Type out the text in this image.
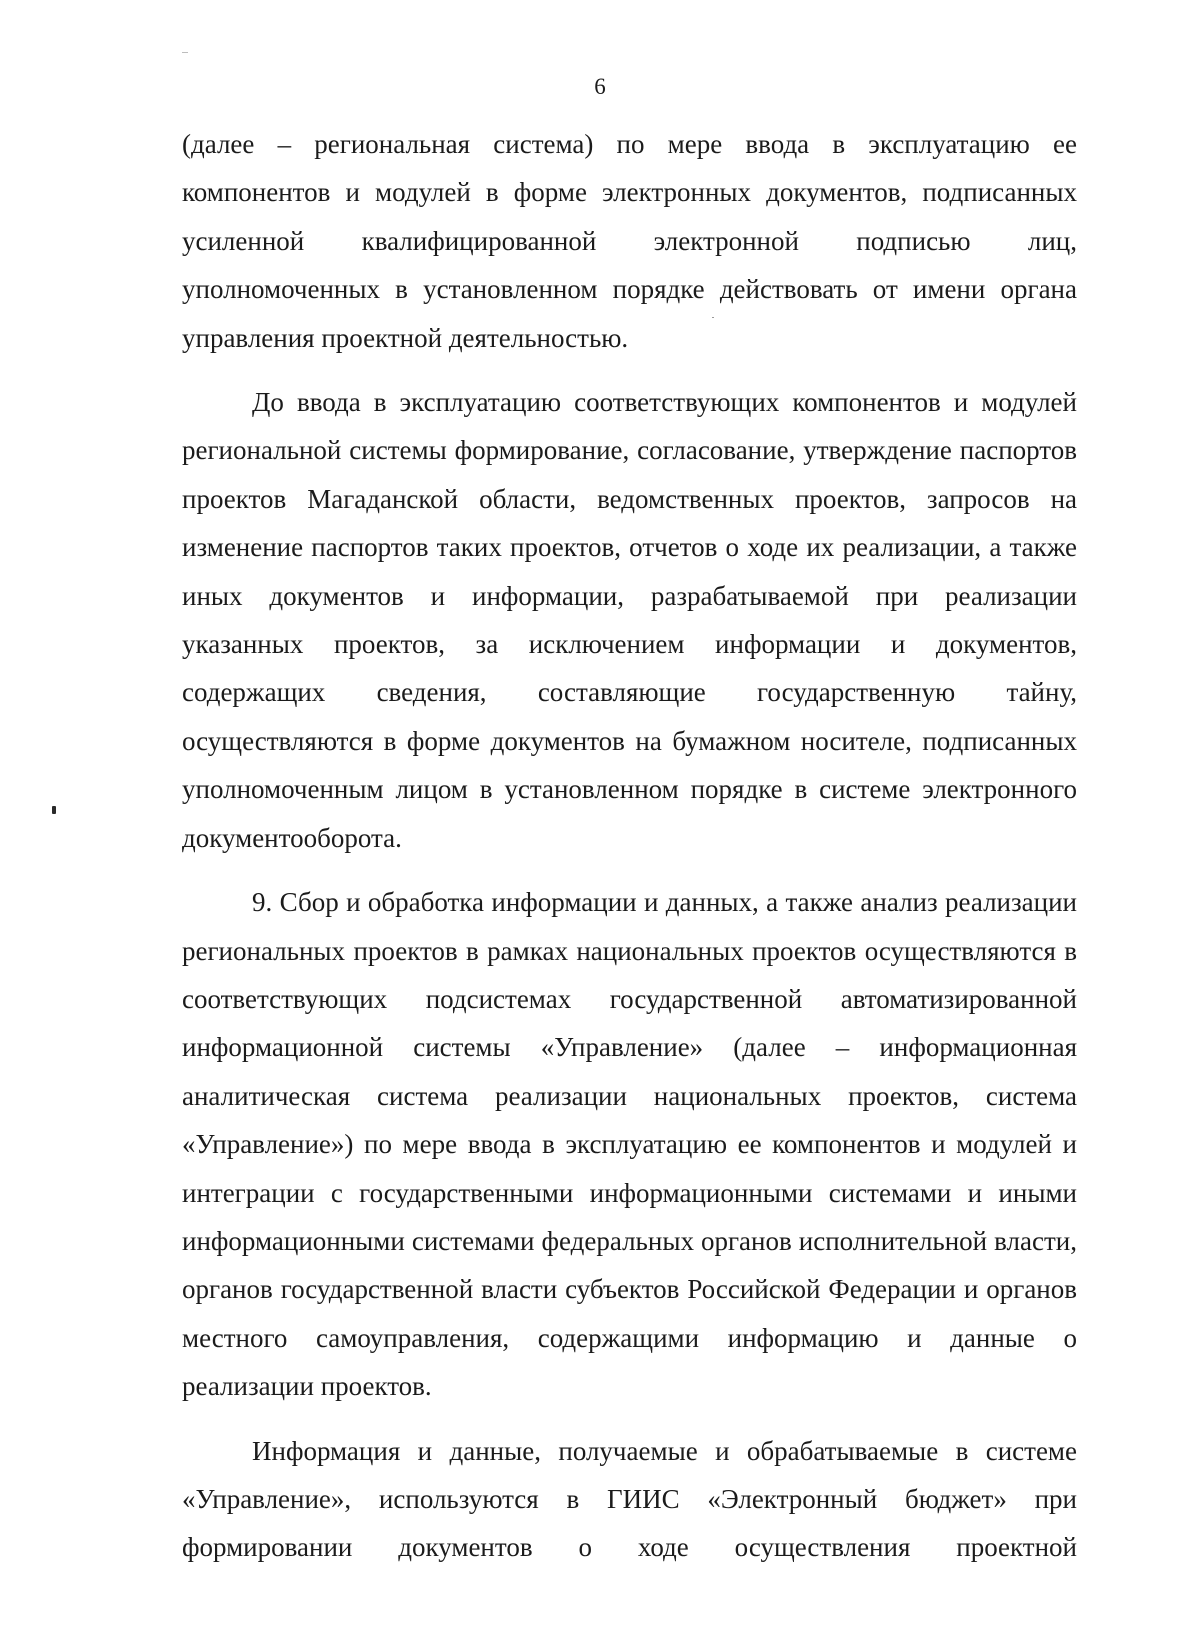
6

(далее – региональная система) по мере ввода в эксплуатацию ее компонентов и модулей в форме электронных документов, подписанных усиленной квалифицированной электронной подписью лиц, уполномоченных в установленном порядке действовать от имени органа управления проектной деятельностью.

До ввода в эксплуатацию соответствующих компонентов и модулей региональной системы формирование, согласование, утверждение паспортов проектов Магаданской области, ведомственных проектов, запросов на изменение паспортов таких проектов, отчетов о ходе их реализации, а также иных документов и информации, разрабатываемой при реализации указанных проектов, за исключением информации и документов, содержащих сведения, составляющие государственную тайну, осуществляются в форме документов на бумажном носителе, подписанных уполномоченным лицом в установленном порядке в системе электронного документооборота.

9. Сбор и обработка информации и данных, а также анализ реализации региональных проектов в рамках национальных проектов осуществляются в соответствующих подсистемах государственной автоматизированной информационной системы «Управление» (далее – информационная аналитическая система реализации национальных проектов, система «Управление») по мере ввода в эксплуатацию ее компонентов и модулей и интеграции с государственными информационными системами и иными информационными системами федеральных органов исполнительной власти, органов государственной власти субъектов Российской Федерации и органов местного самоуправления, содержащими информацию и данные о реализации проектов.

Информация и данные, получаемые и обрабатываемые в системе «Управление», используются в ГИИС «Электронный бюджет» при формировании документов о ходе осуществления проектной
